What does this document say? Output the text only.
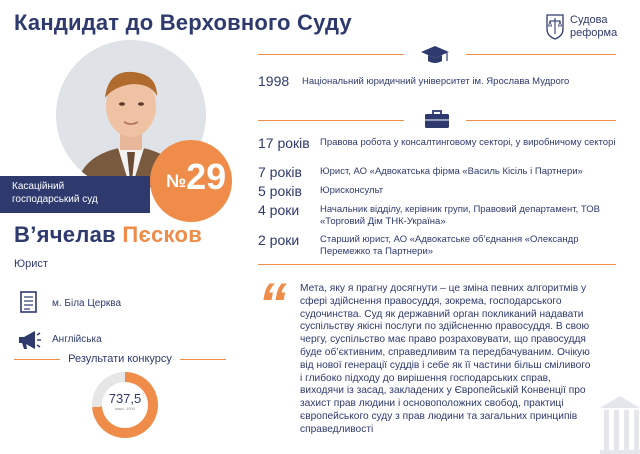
Кандидат до Верховного Суду	Судова
реформа
Касаційний
господарський суд
№29
В’ячелав Пєсков
Юрист
м. Біла Церква
Англійська
Результати конкурсу
737,5
макс. 1000
1998 Національний юридичний університет ім. Ярослава Мудрого
17 років Правова робота у консалтинговому секторі, у виробничому секторі
7 років Юрист, АО «Адвокатська фірма «Василь Кісіль і Партнери»
5 років Юрисконсульт
4 роки Начальник відділу, керівник групи, Правовий департамент, ТОВ «Торговий Дім ТНК-Україна»
2 роки Старший юрист, АО «Адвокатське об’єднання «Олександр Перемежко та Партнери»
“ Мета, яку я прагну досягнути – це зміна певних алгоритмів у сфері здійснення правосуддя, зокрема, господарського судочинства. Суд як державний орган покликаний надавати суспільству якісні послуги по здійсненню правосуддя. В свою чергу, суспільство має право розраховувати, що правосуддя буде об’єктивним, справедливим та передбачуваним. Очікую від нової генерації суддів і себе як її частини більш сміливого і глибоко підходу до вирішення господарських справ, виходячи із засад, закладених у Європейській Конвенції про захист прав людини і основоположних свобод, практиці європейського суду з прав людини та загальних принципів справедливості
